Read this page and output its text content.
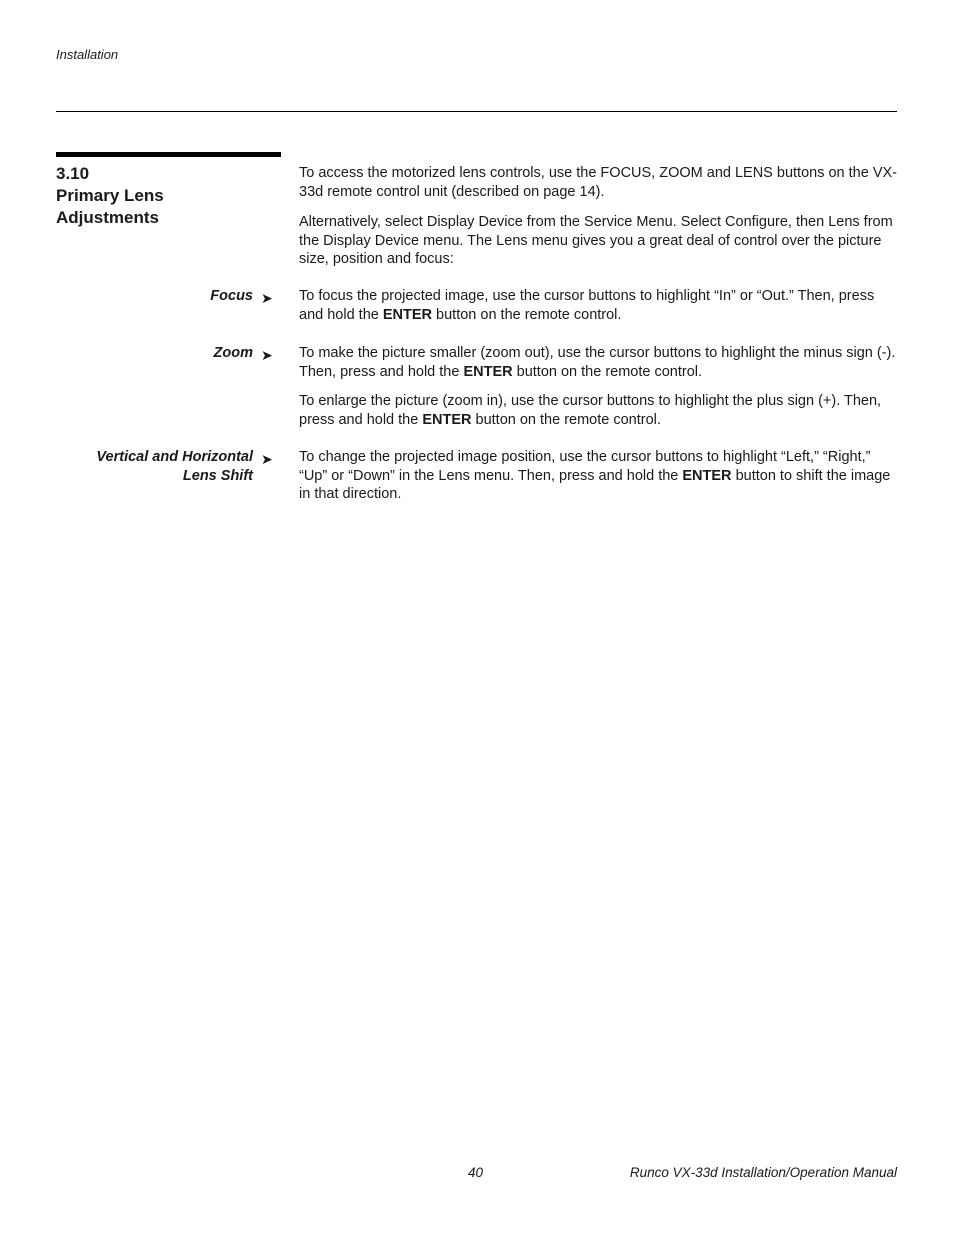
Installation
3.10
Primary Lens Adjustments

To access the motorized lens controls, use the FOCUS, ZOOM and LENS buttons on the VX-33d remote control unit (described on page 14).

Alternatively, select Display Device from the Service Menu. Select Configure, then Lens from the Display Device menu. The Lens menu gives you a great deal of control over the picture size, position and focus:

Focus ➤ To focus the projected image, use the cursor buttons to highlight “In” or “Out.” Then, press and hold the ENTER button on the remote control.

Zoom ➤ To make the picture smaller (zoom out), use the cursor buttons to highlight the minus sign (-). Then, press and hold the ENTER button on the remote control.

To enlarge the picture (zoom in), use the cursor buttons to highlight the plus sign (+). Then, press and hold the ENTER button on the remote control.

Vertical and Horizontal
Lens Shift
➤ To change the projected image position, use the cursor buttons to highlight “Left,” “Right,” “Up” or “Down” in the Lens menu. Then, press and hold the ENTER button to shift the image in that direction.

40	Runco VX-33d Installation/Operation Manual
